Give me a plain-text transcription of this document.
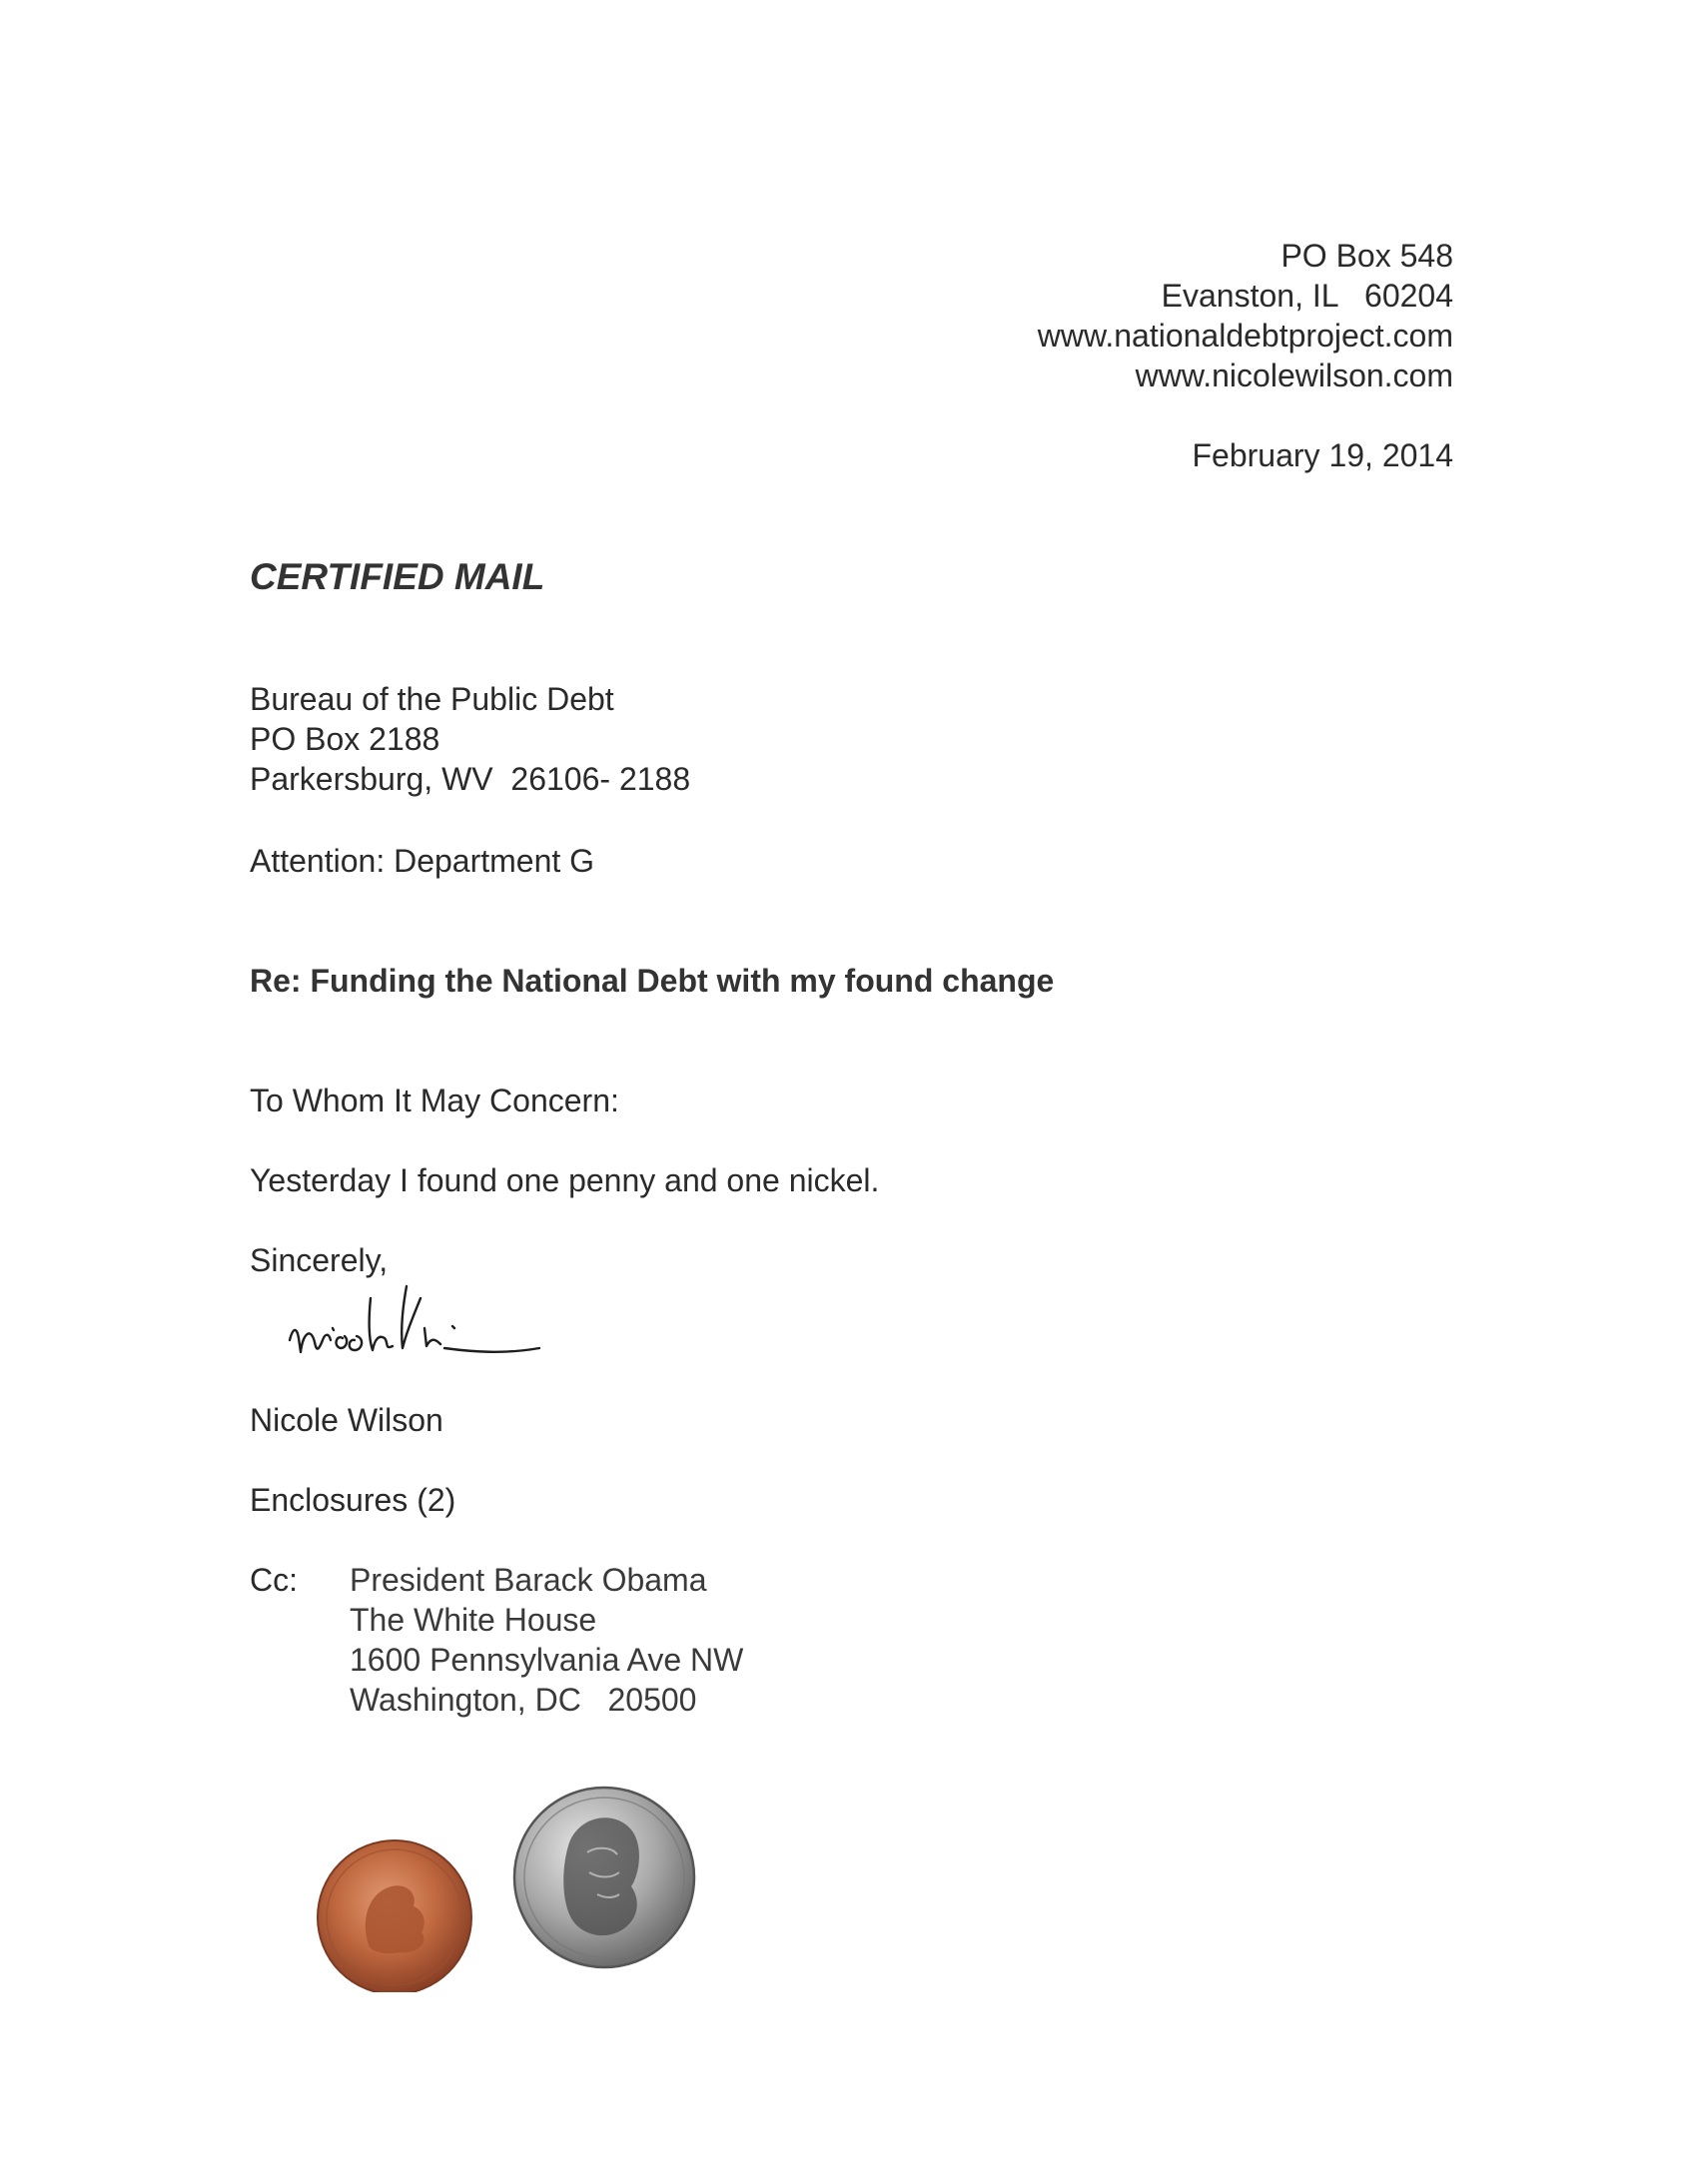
PO Box 548
Evanston, IL   60204
www.nationaldebtproject.com
www.nicolewilson.com
February 19, 2014
CERTIFIED MAIL
Bureau of the Public Debt
PO Box 2188
Parkersburg, WV  26106- 2188
Attention: Department G
Re: Funding the National Debt with my found change
To Whom It May Concern:
Yesterday I found one penny and one nickel.
Sincerely,
Nicole Wilson
Enclosures (2)
Cc:	President Barack Obama
The White House
1600 Pennsylvania Ave NW
Washington, DC   20500
